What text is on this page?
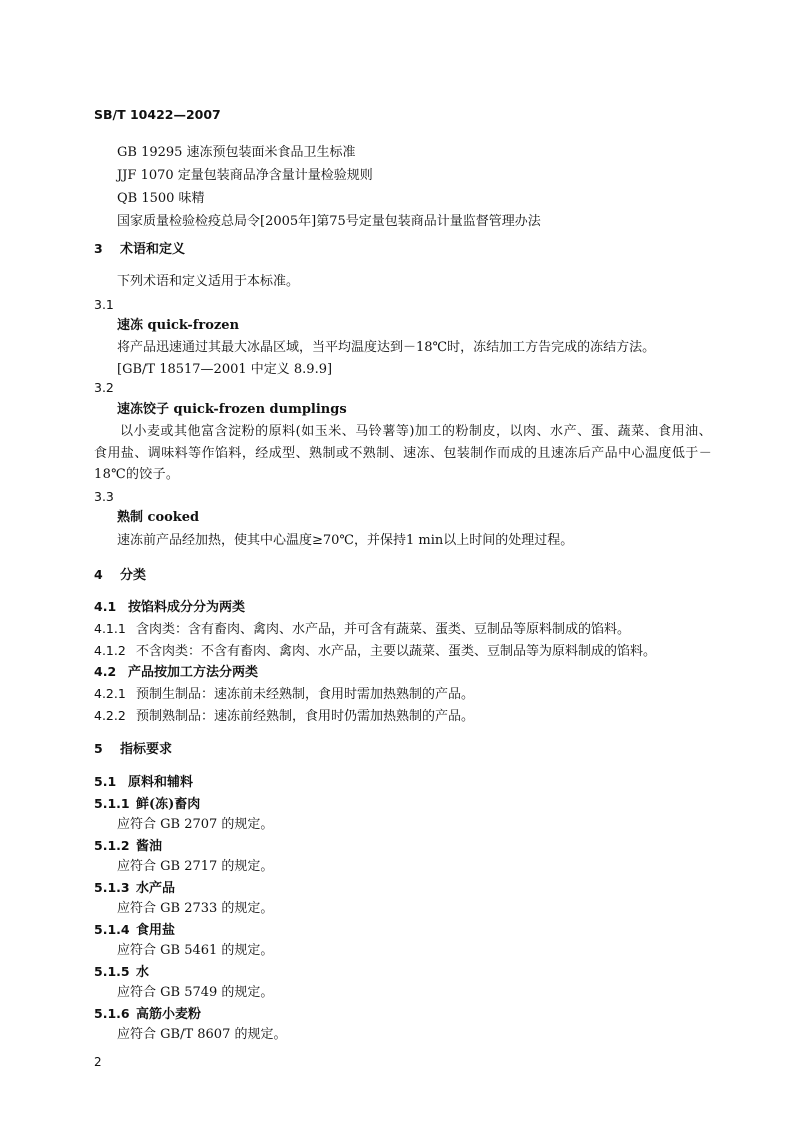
SB/T 10422—2007
GB 19295 速冻预包装面米食品卫生标准
JJF 1070 定量包装商品净含量计量检验规则
QB 1500 味精
国家质量检验检疫总局令[2005年]第75号定量包装商品计量监督管理办法
3 术语和定义
下列术语和定义适用于本标准。
3.1
速冻 quick-frozen
将产品迅速通过其最大冰晶区域，当平均温度达到－18℃时，冻结加工方告完成的冻结方法。
[GB/T 18517—2001 中定义 8.9.9]
3.2
速冻饺子 quick-frozen dumplings
以小麦或其他富含淀粉的原料(如玉米、马铃薯等)加工的粉制皮，以肉、水产、蛋、蔬菜、食用油、食用盐、调味料等作馅料，经成型、熟制或不熟制、速冻、包装制作而成的且速冻后产品中心温度低于－18℃的饺子。
3.3
熟制 cooked
速冻前产品经加热，使其中心温度≥70℃，并保持1 min以上时间的处理过程。
4 分类
4.1 按馅料成分分为两类
4.1.1 含肉类：含有畜肉、禽肉、水产品，并可含有蔬菜、蛋类、豆制品等原料制成的馅料。
4.1.2 不含肉类：不含有畜肉、禽肉、水产品，主要以蔬菜、蛋类、豆制品等为原料制成的馅料。
4.2 产品按加工方法分两类
4.2.1 预制生制品：速冻前未经熟制，食用时需加热熟制的产品。
4.2.2 预制熟制品：速冻前经熟制，食用时仍需加热熟制的产品。
5 指标要求
5.1 原料和辅料
5.1.1 鲜(冻)畜肉
应符合 GB 2707 的规定。
5.1.2 酱油
应符合 GB 2717 的规定。
5.1.3 水产品
应符合 GB 2733 的规定。
5.1.4 食用盐
应符合 GB 5461 的规定。
5.1.5 水
应符合 GB 5749 的规定。
5.1.6 高筋小麦粉
应符合 GB/T 8607 的规定。
2
